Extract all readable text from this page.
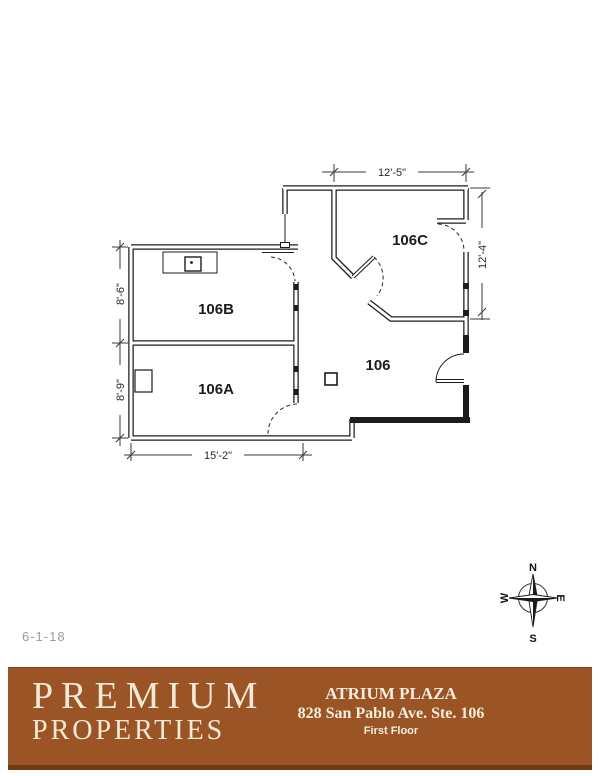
12'-5"
12'-4"
8'-6"
8'-9"
15'-2"
106
106A
106B
106C
N
S
W	E
6-1-18
PREMIUM
PROPERTIES
ATRIUM PLAZA
828 San Pablo Ave. Ste. 106
First Floor
